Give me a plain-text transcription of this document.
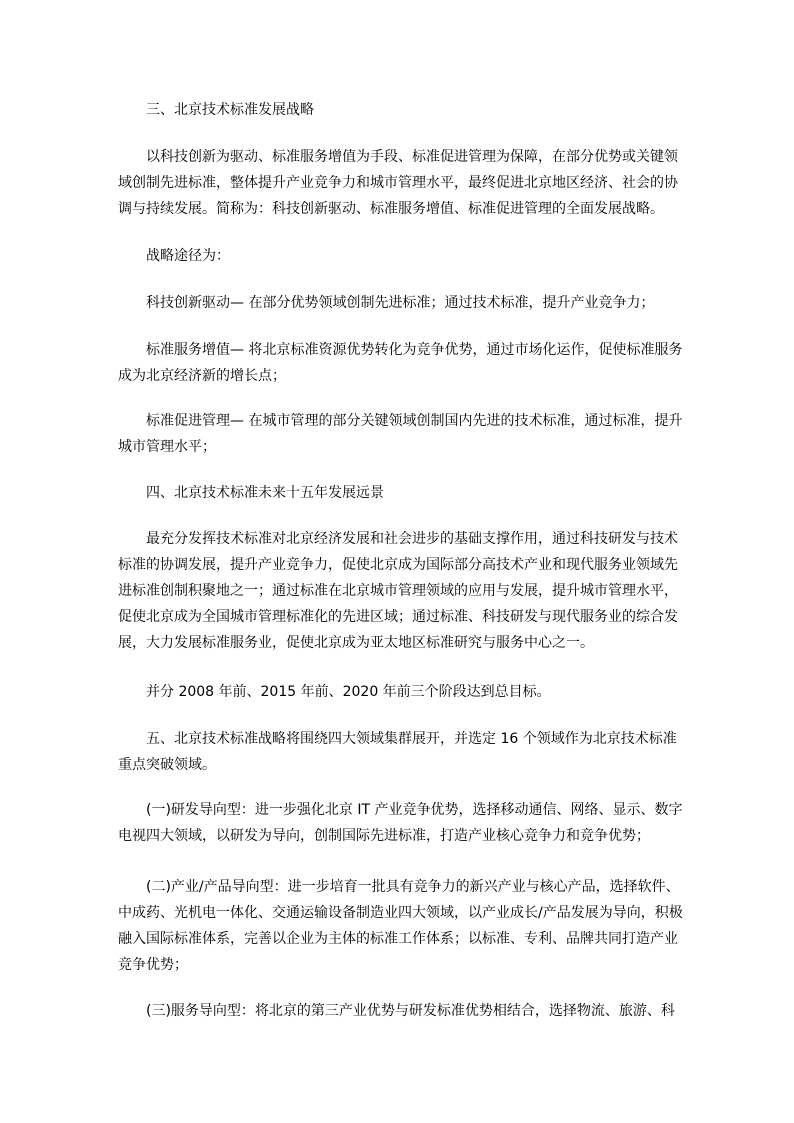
三、北京技术标准发展战略

以科技创新为驱动、标准服务增值为手段、标准促进管理为保障，在部分优势或关键领
域创制先进标准，整体提升产业竞争力和城市管理水平，最终促进北京地区经济、社会的协
调与持续发展。简称为：科技创新驱动、标准服务增值、标准促进管理的全面发展战略。

战略途径为：

科技创新驱动— 在部分优势领域创制先进标准；通过技术标准，提升产业竞争力；

标准服务增值— 将北京标准资源优势转化为竞争优势，通过市场化运作，促使标准服务
成为北京经济新的增长点；

标准促进管理— 在城市管理的部分关键领域创制国内先进的技术标准，通过标准，提升
城市管理水平；

四、北京技术标准未来十五年发展远景

最充分发挥技术标准对北京经济发展和社会进步的基础支撑作用，通过科技研发与技术
标准的协调发展，提升产业竞争力，促使北京成为国际部分高技术产业和现代服务业领域先
进标准创制积聚地之一；通过标准在北京城市管理领域的应用与发展，提升城市管理水平，
促使北京成为全国城市管理标准化的先进区域；通过标准、科技研发与现代服务业的综合发
展，大力发展标准服务业，促使北京成为亚太地区标准研究与服务中心之一。

并分 2008 年前、2015 年前、2020 年前三个阶段达到总目标。

五、北京技术标准战略将围绕四大领域集群展开，并选定 16 个领域作为北京技术标准
重点突破领域。

(一)研发导向型：进一步强化北京 IT 产业竞争优势，选择移动通信、网络、显示、数字
电视四大领域，以研发为导向，创制国际先进标准，打造产业核心竞争力和竞争优势；

(二)产业/产品导向型：进一步培育一批具有竞争力的新兴产业与核心产品，选择软件、
中成药、光机电一体化、交通运输设备制造业四大领域，以产业成长/产品发展为导向，积极
融入国际标准体系，完善以企业为主体的标准工作体系；以标准、专利、品牌共同打造产业
竞争优势；

(三)服务导向型：将北京的第三产业优势与研发标准优势相结合，选择物流、旅游、科
